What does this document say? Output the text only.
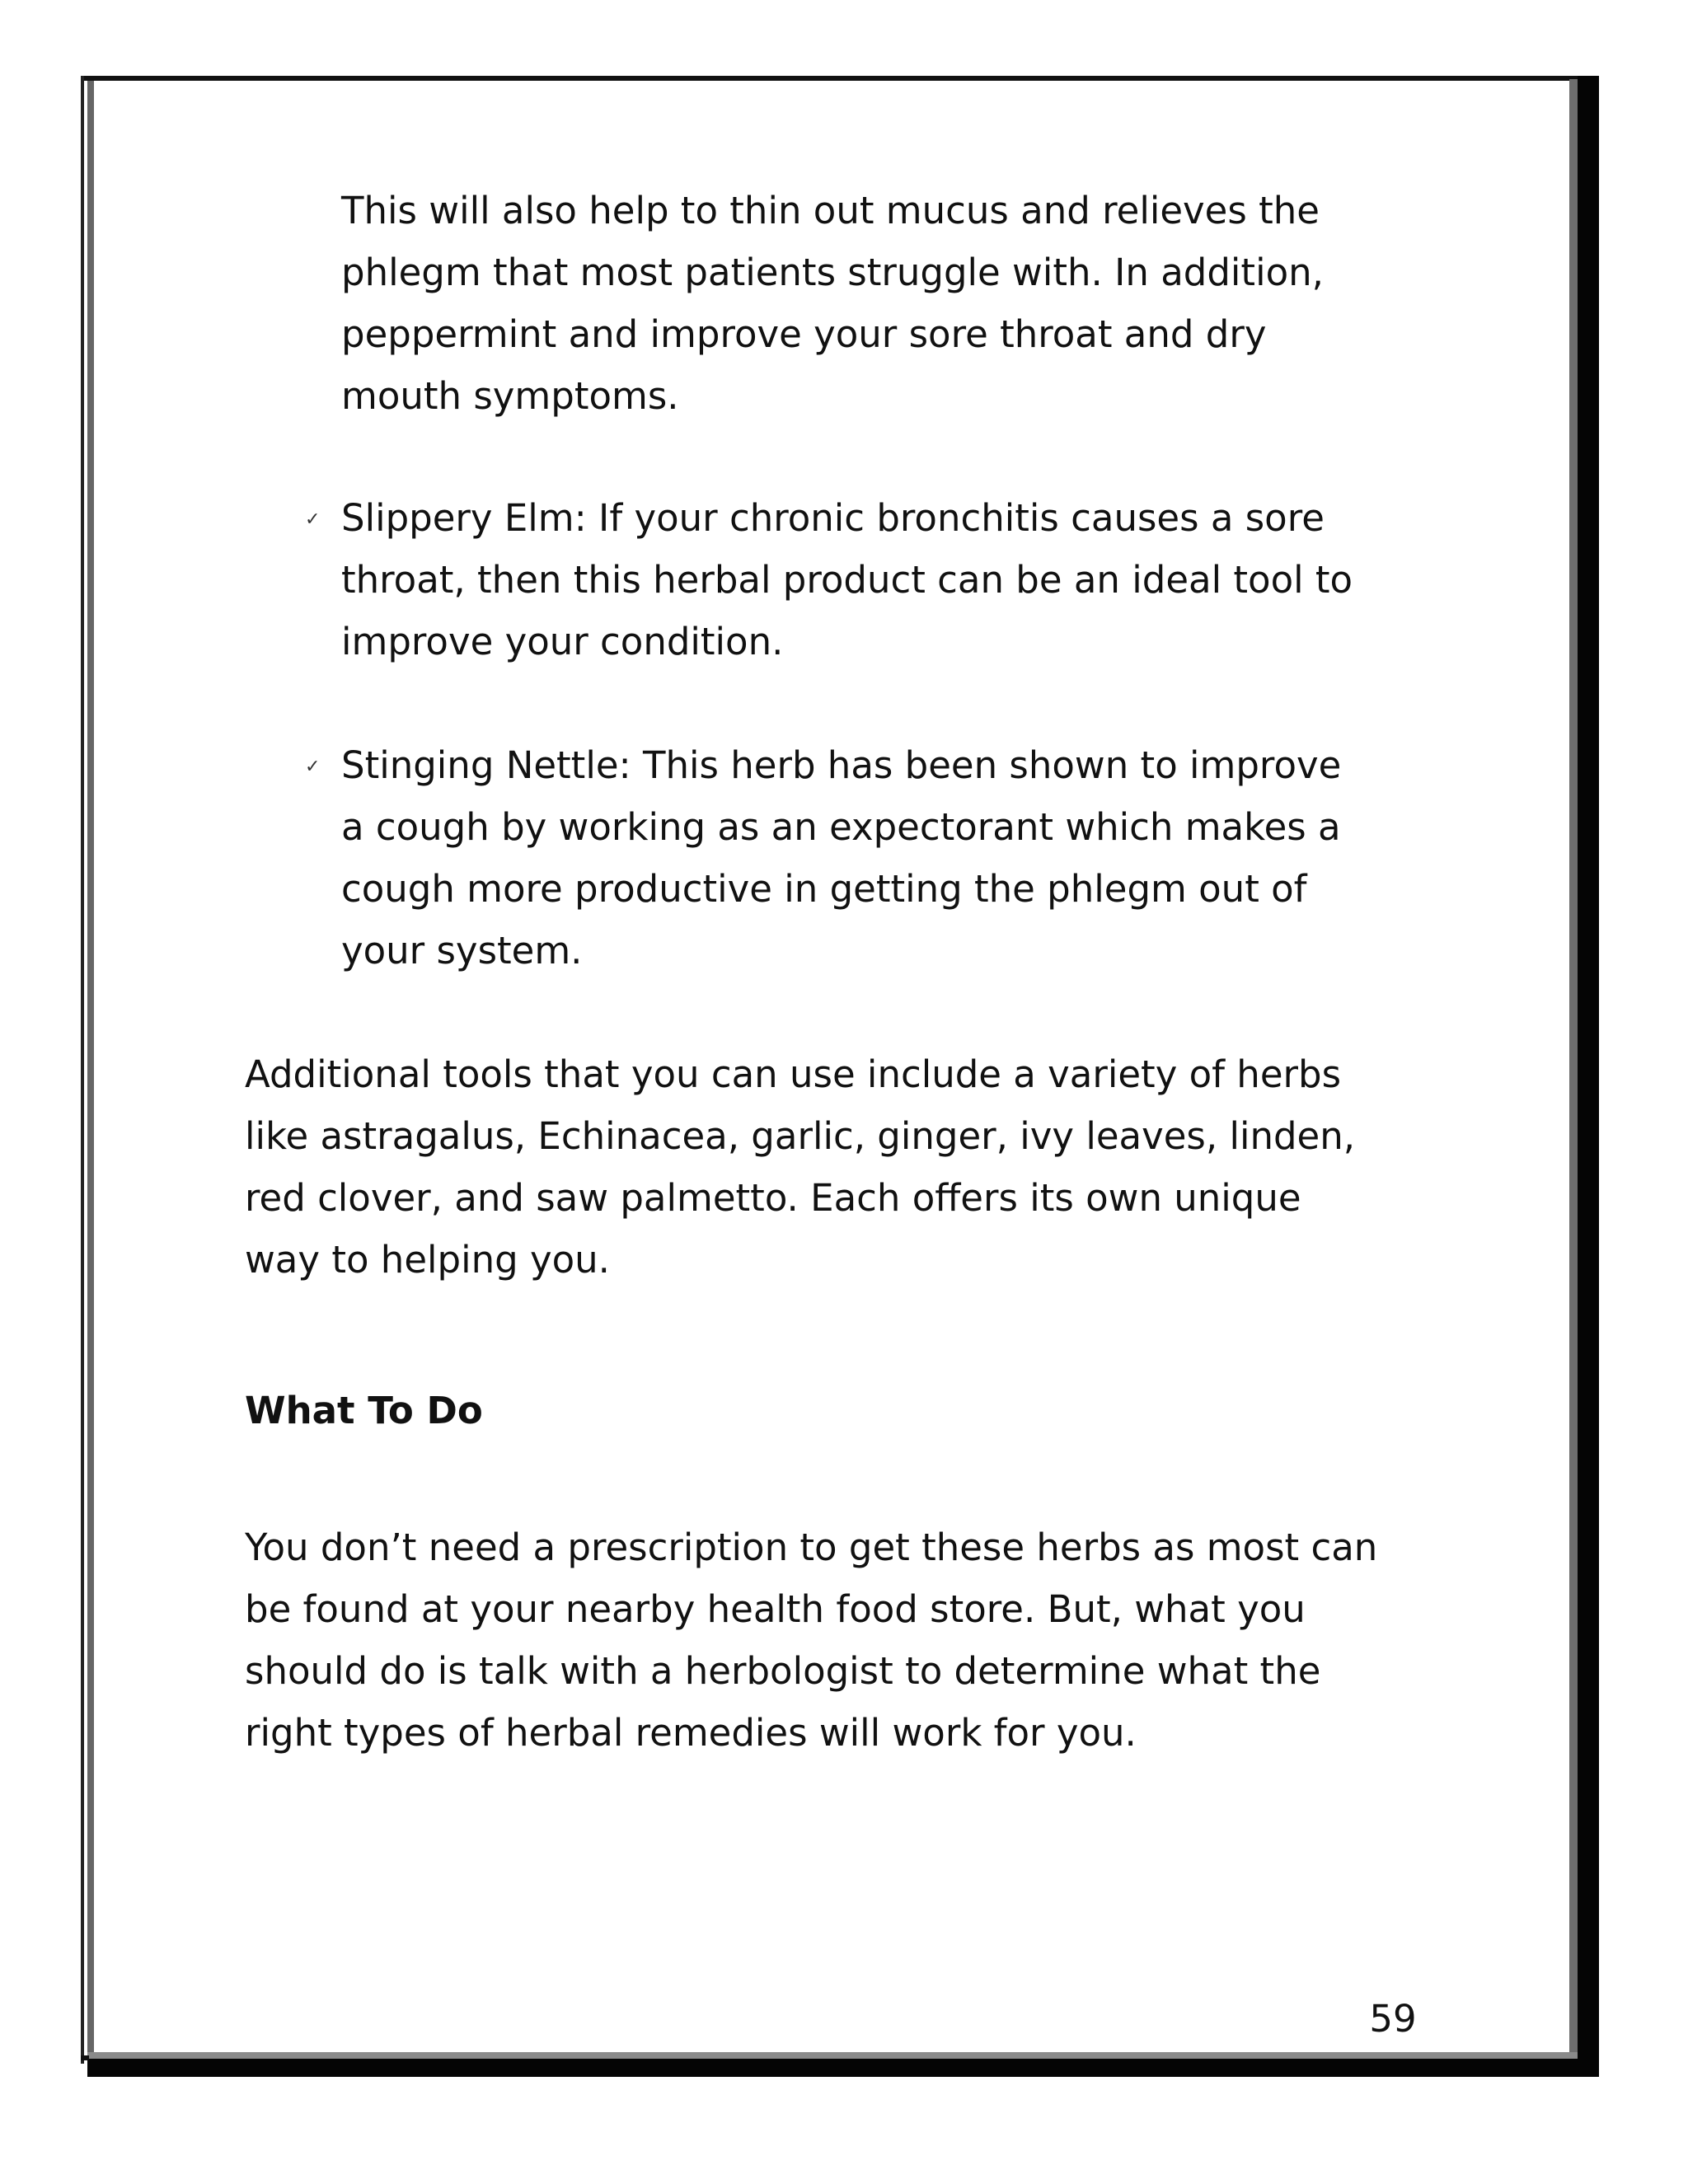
This will also help to thin out mucus and relieves the

phlegm that most patients struggle with. In addition,

peppermint and improve your sore throat and dry

mouth symptoms.

✓ Slippery Elm: If your chronic bronchitis causes a sore

throat, then this herbal product can be an ideal tool to

improve your condition.

✓ Stinging Nettle: This herb has been shown to improve

a cough by working as an expectorant which makes a

cough more productive in getting the phlegm out of

your system.

Additional tools that you can use include a variety of herbs

like astragalus, Echinacea, garlic, ginger, ivy leaves, linden,

red clover, and saw palmetto. Each offers its own unique

way to helping you.

What To Do

You don’t need a prescription to get these herbs as most can

be found at your nearby health food store. But, what you

should do is talk with a herbologist to determine what the

right types of herbal remedies will work for you.

59
